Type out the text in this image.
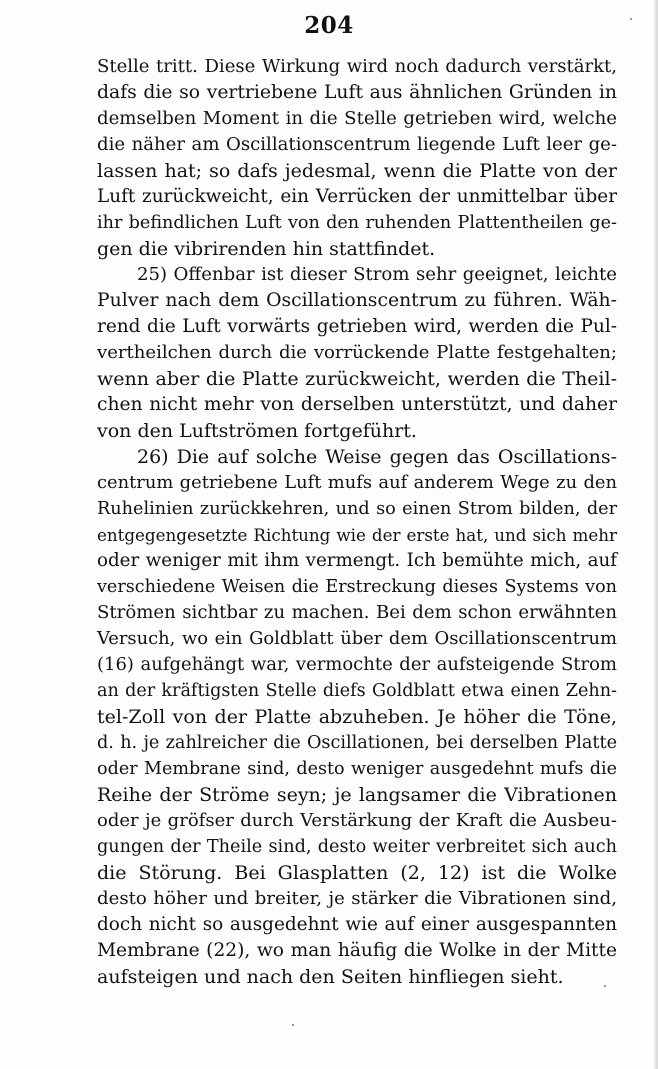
204
Stelle tritt. Diese Wirkung wird noch dadurch verstärkt,
dafs die so vertriebene Luft aus ähnlichen Gründen in
demselben Moment in die Stelle getrieben wird, welche
die näher am Oscillationscentrum liegende Luft leer ge-
lassen hat; so dafs jedesmal, wenn die Platte von der
Luft zurückweicht, ein Verrücken der unmittelbar über
ihr befindlichen Luft von den ruhenden Plattentheilen ge-
gen die vibrirenden hin stattfindet.
25) Offenbar ist dieser Strom sehr geeignet, leichte
Pulver nach dem Oscillationscentrum zu führen. Wäh-
rend die Luft vorwärts getrieben wird, werden die Pul-
vertheilchen durch die vorrückende Platte festgehalten;
wenn aber die Platte zurückweicht, werden die Theil-
chen nicht mehr von derselben unterstützt, und daher
von den Luftströmen fortgeführt.
26) Die auf solche Weise gegen das Oscillations-
centrum getriebene Luft mufs auf anderem Wege zu den
Ruhelinien zurückkehren, und so einen Strom bilden, der
entgegengesetzte Richtung wie der erste hat, und sich mehr
oder weniger mit ihm vermengt. Ich bemühte mich, auf
verschiedene Weisen die Erstreckung dieses Systems von
Strömen sichtbar zu machen. Bei dem schon erwähnten
Versuch, wo ein Goldblatt über dem Oscillationscentrum
(16) aufgehängt war, vermochte der aufsteigende Strom
an der kräftigsten Stelle diefs Goldblatt etwa einen Zehn-
tel-Zoll von der Platte abzuheben. Je höher die Töne,
d. h. je zahlreicher die Oscillationen, bei derselben Platte
oder Membrane sind, desto weniger ausgedehnt mufs die
Reihe der Ströme seyn; je langsamer die Vibrationen
oder je gröfser durch Verstärkung der Kraft die Ausbeu-
gungen der Theile sind, desto weiter verbreitet sich auch
die Störung. Bei Glasplatten (2, 12) ist die Wolke
desto höher und breiter, je stärker die Vibrationen sind,
doch nicht so ausgedehnt wie auf einer ausgespannten
Membrane (22), wo man häufig die Wolke in der Mitte
aufsteigen und nach den Seiten hinfliegen sieht.
